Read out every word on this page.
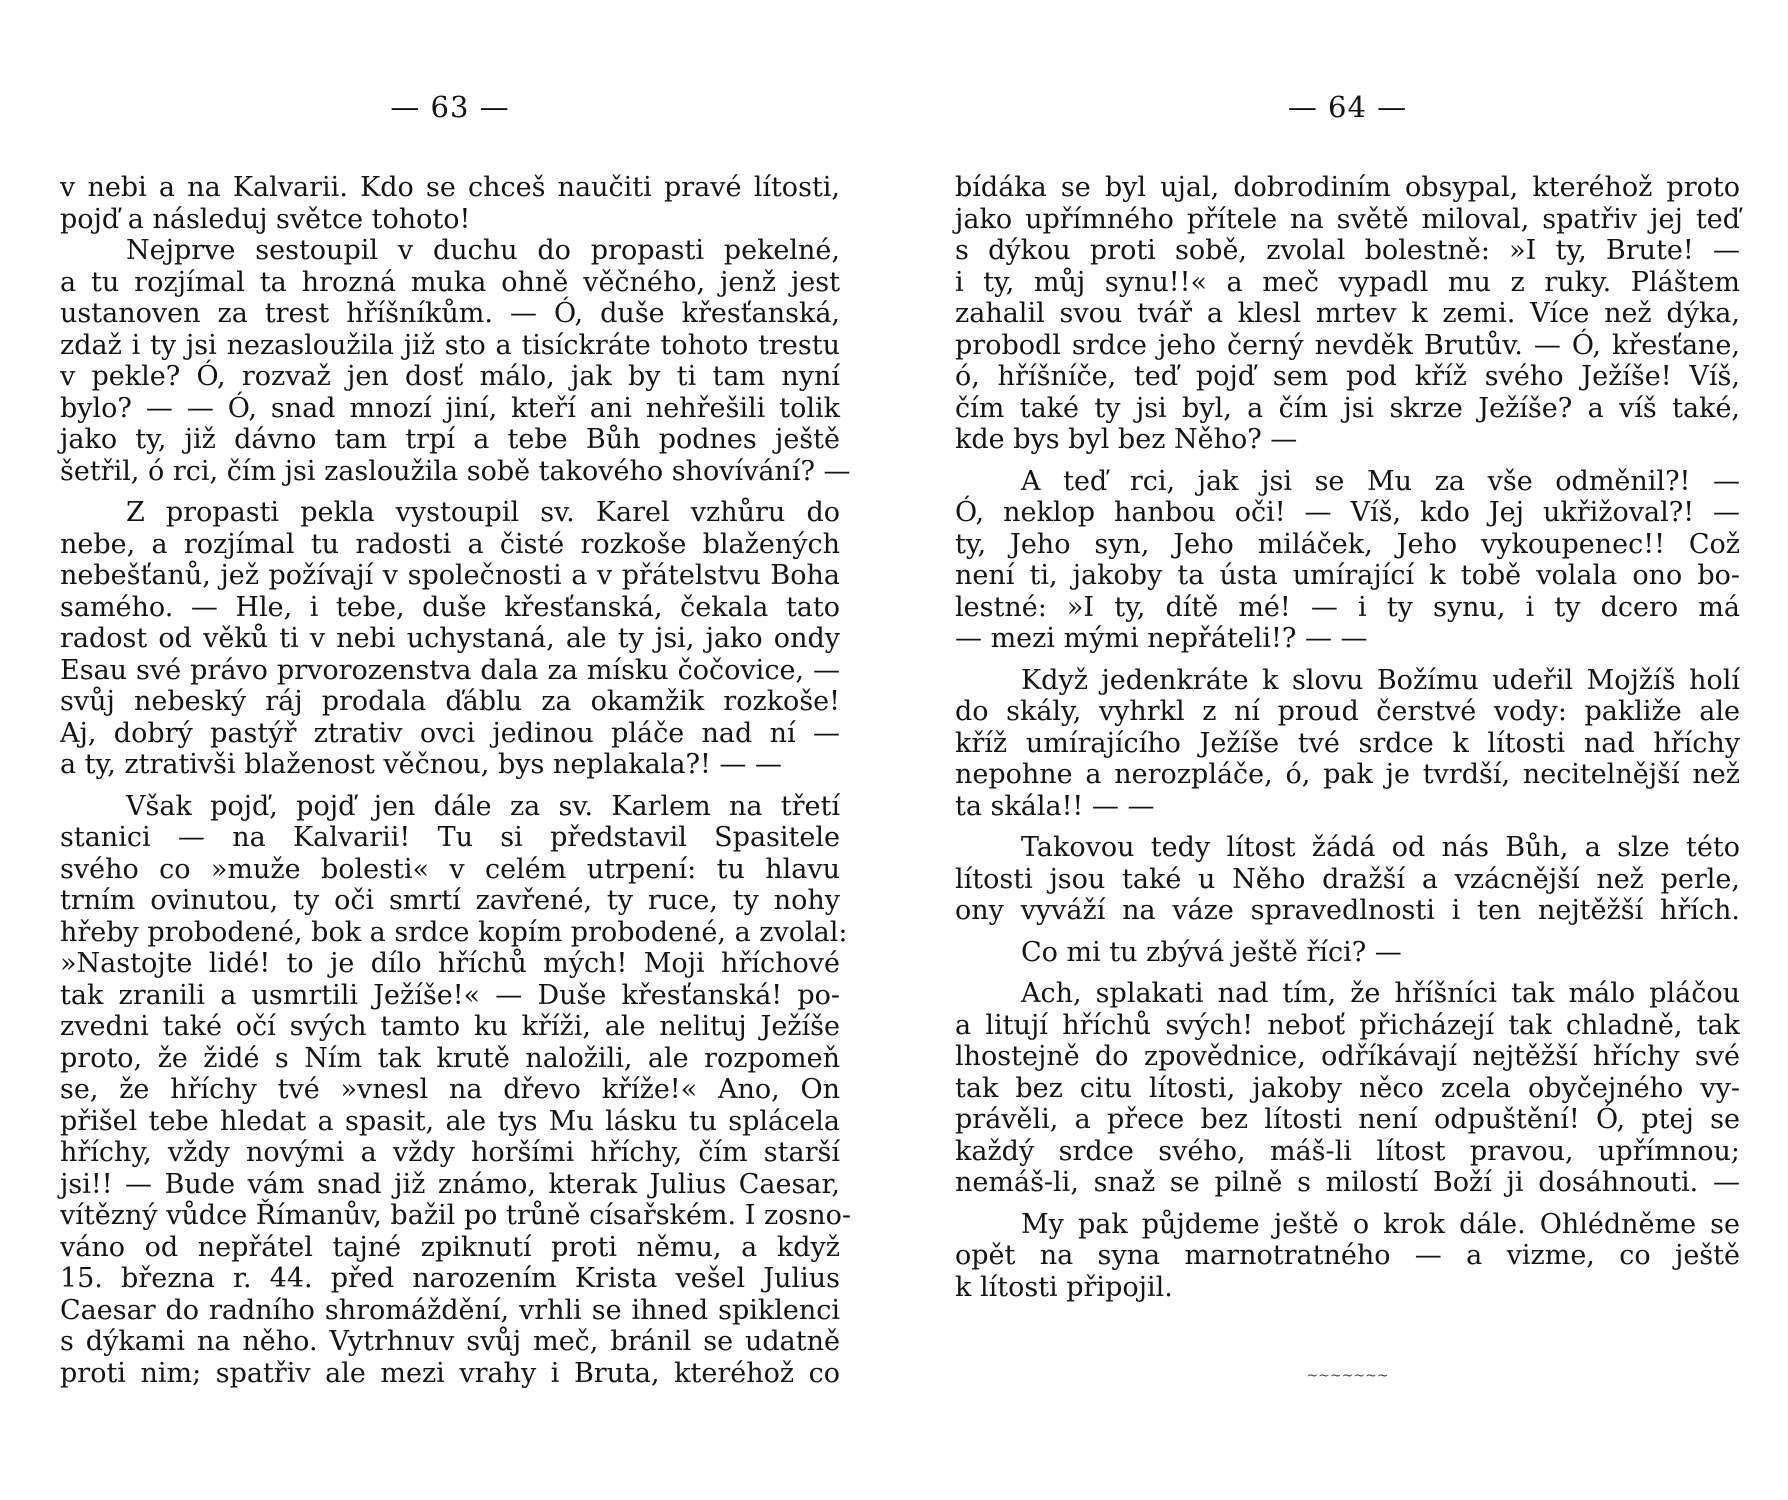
— 63 —
v nebi a na Kalvarii. Kdo se chceš naučiti pravé lítosti,
pojď a následuj světce tohoto!
Nejprve sestoupil v duchu do propasti pekelné,
a tu rozjímal ta hrozná muka ohně věčného, jenž jest
ustanoven za trest hříšníkům. — Ó, duše křesťanská,
zdaž i ty jsi nezasloužila již sto a tisíckráte tohoto trestu
v pekle? Ó, rozvaž jen dosť málo, jak by ti tam nyní
bylo? — — Ó, snad mnozí jiní, kteří ani nehřešili tolik
jako ty, již dávno tam trpí a tebe Bůh podnes ještě
šetřil, ó rci, čím jsi zasloužila sobě takového shovívání? —
Z propasti pekla vystoupil sv. Karel vzhůru do
nebe, a rozjímal tu radosti a čisté rozkoše blažených
nebešťanů, jež požívají v společnosti a v přátelstvu Boha
samého. — Hle, i tebe, duše křesťanská, čekala tato
radost od věků ti v nebi uchystaná, ale ty jsi, jako ondy
Esau své právo prvorozenstva dala za mísku čočovice, —
svůj nebeský ráj prodala ďáblu za okamžik rozkoše!
Aj, dobrý pastýř ztrativ ovci jedinou pláče nad ní —
a ty, ztrativši blaženost věčnou, bys neplakala?! — —
Však pojď, pojď jen dále za sv. Karlem na třetí
stanici — na Kalvarii! Tu si představil Spasitele
svého co »muže bolesti« v celém utrpení: tu hlavu
trním ovinutou, ty oči smrtí zavřené, ty ruce, ty nohy
hřeby probodené, bok a srdce kopím probodené, a zvolal:
»Nastojte lidé! to je dílo hříchů mých! Moji hříchové
tak zranili a usmrtili Ježíše!« — Duše křesťanská! po-
zvedni také očí svých tamto ku kříži, ale nelituj Ježíše
proto, že židé s Ním tak krutě naložili, ale rozpomeň
se, že hříchy tvé »vnesl na dřevo kříže!« Ano, On
přišel tebe hledat a spasit, ale tys Mu lásku tu splácela
hříchy, vždy novými a vždy horšími hříchy, čím starší
jsi!! — Bude vám snad již známo, kterak Julius Caesar,
vítězný vůdce Římanův, bažil po trůně císařském. I zosno-
váno od nepřátel tajné zpiknutí proti němu, a když
15. března r. 44. před narozením Krista vešel Julius
Caesar do radního shromáždění, vrhli se ihned spiklenci
s dýkami na něho. Vytrhnuv svůj meč, bránil se udatně
proti nim; spatřiv ale mezi vrahy i Bruta, kteréhož co
— 64 —
bídáka se byl ujal, dobrodiním obsypal, kteréhož proto
jako upřímného přítele na světě miloval, spatřiv jej teď
s dýkou proti sobě, zvolal bolestně: »I ty, Brute! —
i ty, můj synu!!« a meč vypadl mu z ruky. Pláštem
zahalil svou tvář a klesl mrtev k zemi. Více než dýka,
probodl srdce jeho černý nevděk Brutův. — Ó, křesťane,
ó, hříšníče, teď pojď sem pod kříž svého Ježíše! Víš,
čím také ty jsi byl, a čím jsi skrze Ježíše? a víš také,
kde bys byl bez Něho? —
A teď rci, jak jsi se Mu za vše odměnil?! —
Ó, neklop hanbou oči! — Víš, kdo Jej ukřižoval?! —
ty, Jeho syn, Jeho miláček, Jeho vykoupenec!! Což
není ti, jakoby ta ústa umírající k tobě volala ono bo-
lestné: »I ty, dítě mé! — i ty synu, i ty dcero má
— mezi mými nepřáteli!? — —
Když jedenkráte k slovu Božímu udeřil Mojžíš holí
do skály, vyhrkl z ní proud čerstvé vody: pakliže ale
kříž umírajícího Ježíše tvé srdce k lítosti nad hříchy
nepohne a nerozpláče, ó, pak je tvrdší, necitelnější než
ta skála!! — —
Takovou tedy lítost žádá od nás Bůh, a slze této
lítosti jsou také u Něho dražší a vzácnější než perle,
ony vyváží na váze spravedlnosti i ten nejtěžší hřích.
Co mi tu zbývá ještě říci? —
Ach, splakati nad tím, že hříšníci tak málo pláčou
a litují hříchů svých! neboť přicházejí tak chladně, tak
lhostejně do zpovědnice, odříkávají nejtěžší hříchy své
tak bez citu lítosti, jakoby něco zcela obyčejného vy-
právěli, a přece bez lítosti není odpuštění! Ó, ptej se
každý srdce svého, máš-li lítost pravou, upřímnou;
nemáš-li, snaž se pilně s milostí Boží ji dosáhnouti. —
My pak půjdeme ještě o krok dále. Ohlédněme se
opět na syna marnotratného — a vizme, co ještě
k lítosti připojil.
~~~~~~~
